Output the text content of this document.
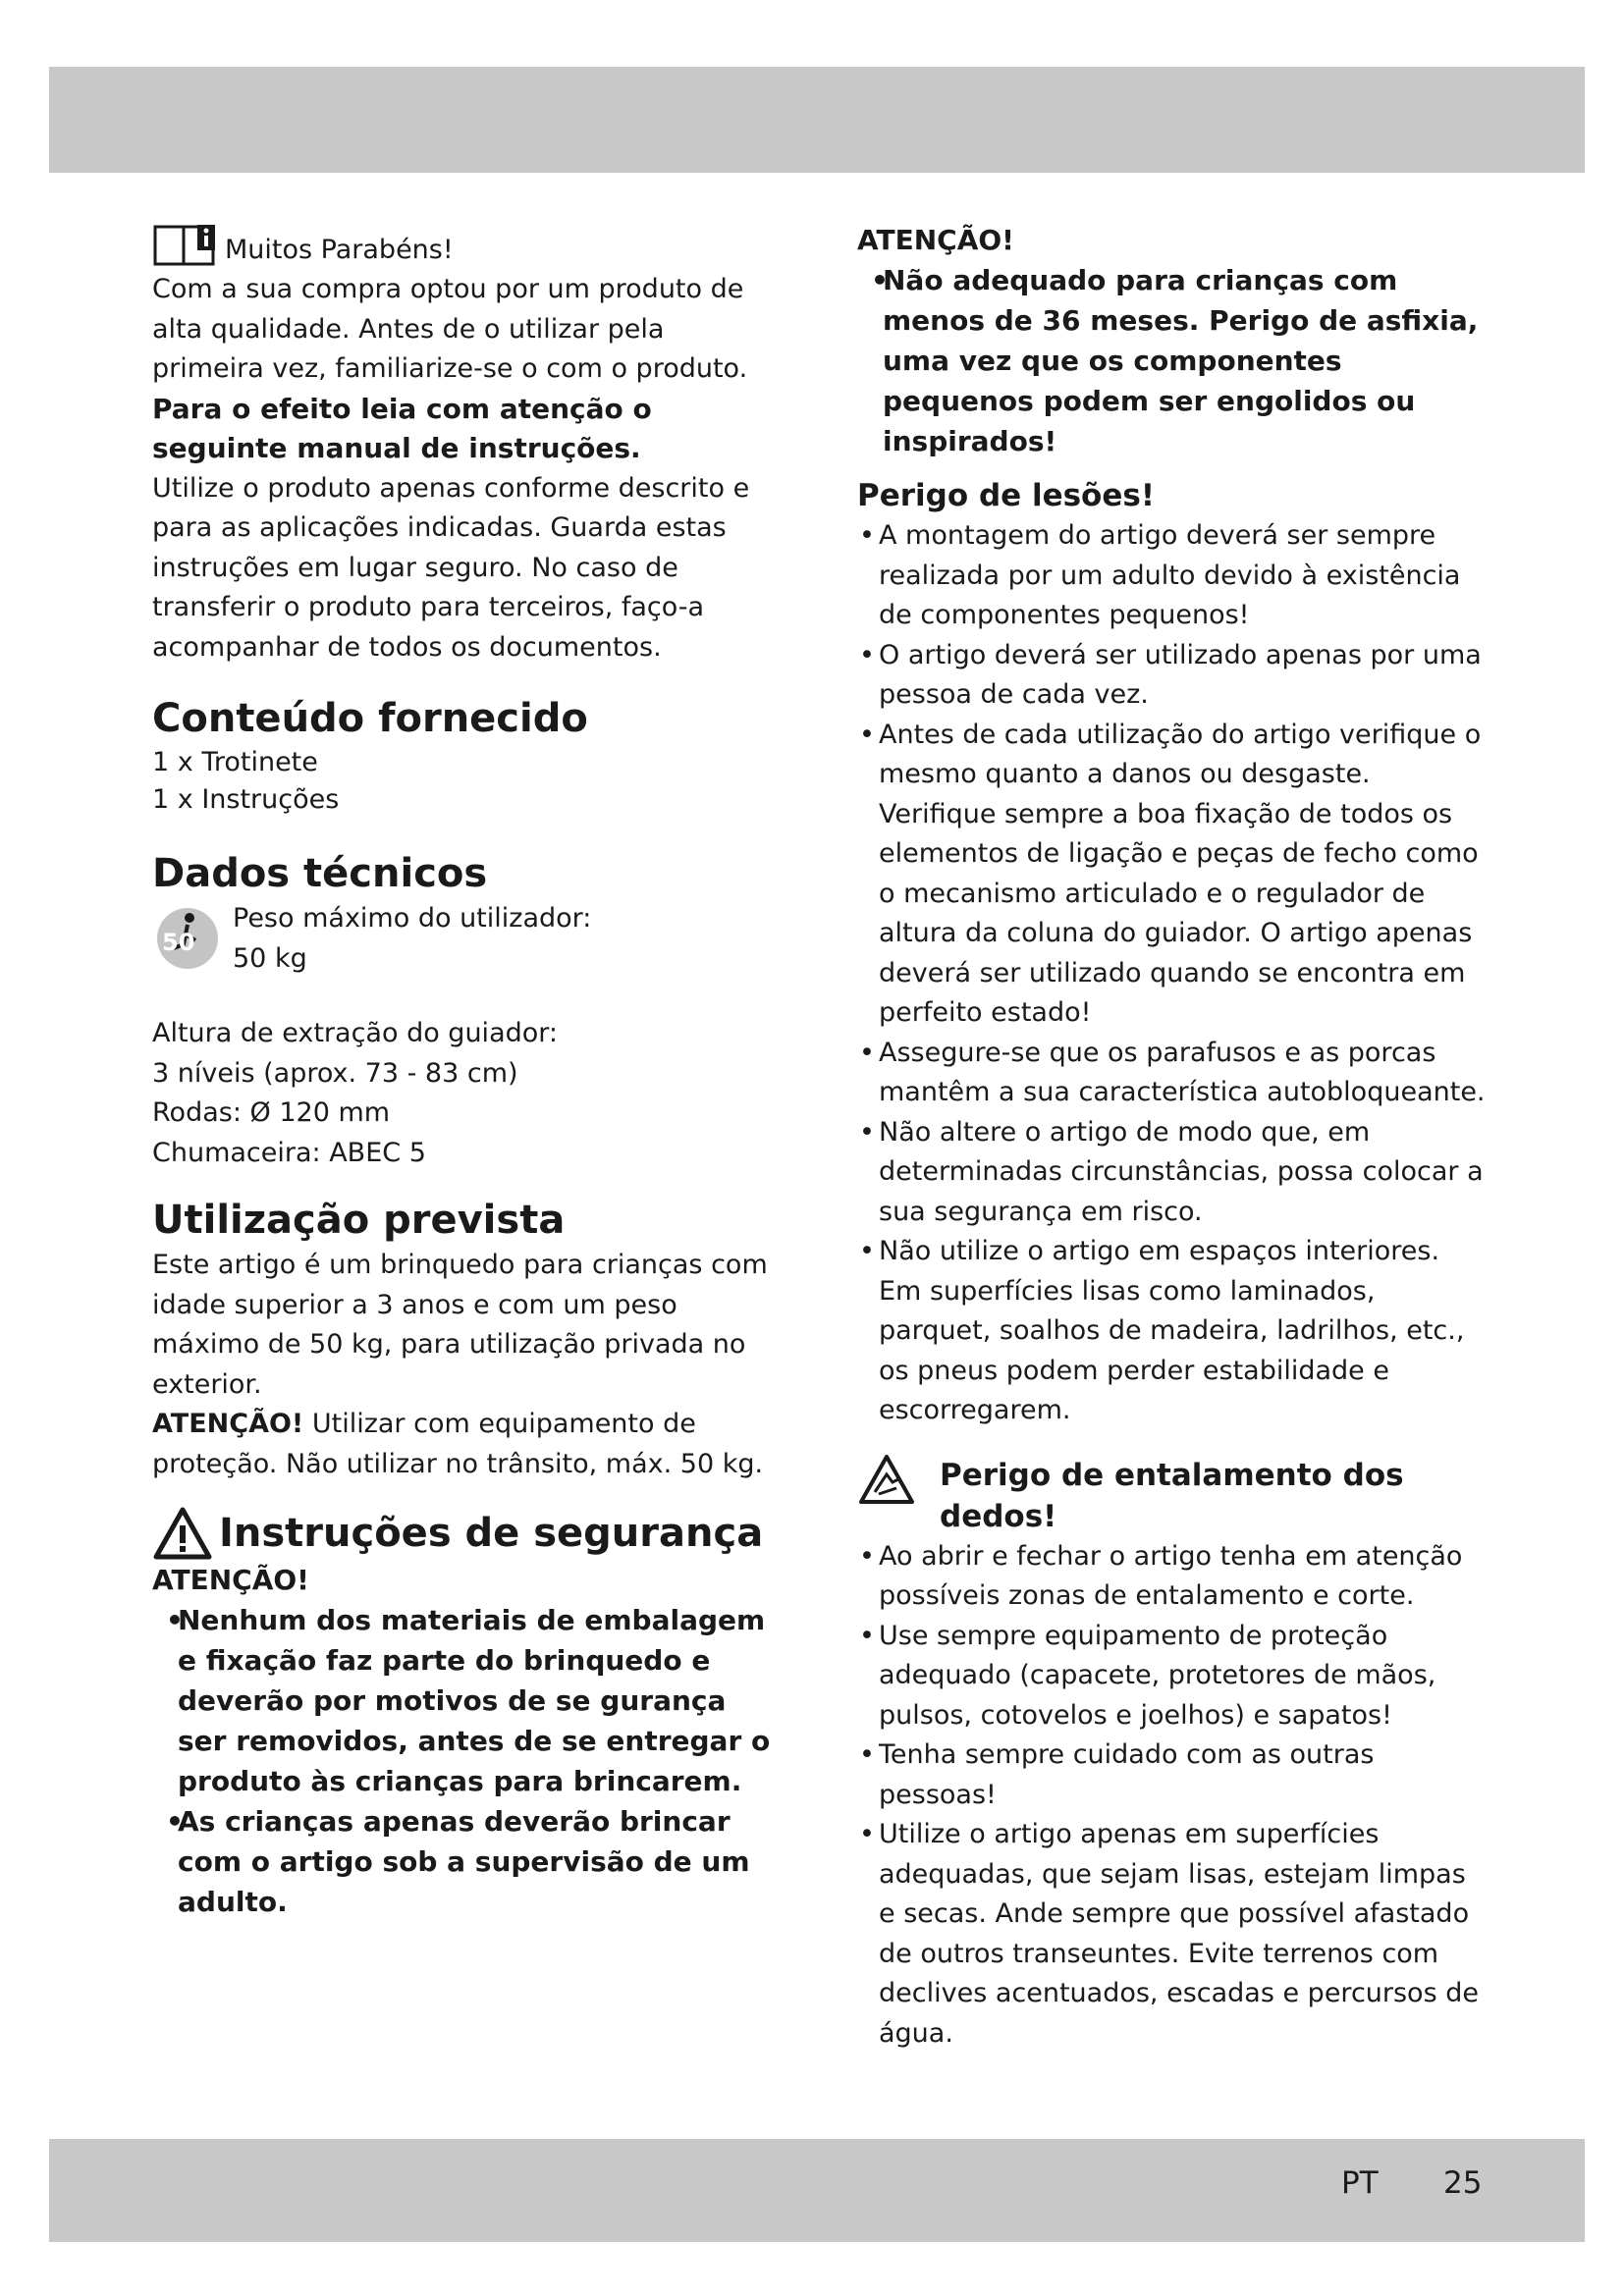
Muitos Parabéns!

Com a sua compra optou por um produto de alta qualidade. Antes de o utilizar pela primeira vez, familiarize-se o com o produto.

Para o efeito leia com atenção o seguinte manual de instruções.

Utilize o produto apenas conforme descrito e para as aplicações indicadas. Guarda estas instruções em lugar seguro. No caso de transferir o produto para terceiros, faço-a acompanhar de todos os documentos.

Conteúdo fornecido

1 x Trotinete

1 x Instruções

Dados técnicos
50

Peso máximo do utilizador:

50 kg

Altura de extração do guiador:

3 níveis (aprox. 73 - 83 cm)

Rodas: Ø 120 mm

Chumaceira: ABEC 5

Utilização prevista

Este artigo é um brinquedo para crianças com idade superior a 3 anos e com um peso máximo de 50 kg, para utilização privada no exterior.

ATENÇÃO! Utilizar com equipamento de proteção. Não utilizar no trânsito, máx. 50 kg.

Instruções de segurança
ATENÇÃO!
• Nenhum dos materiais de embalagem e fixação faz parte do brinquedo e deverão por motivos de se gurança ser removidos, antes de se entregar o produto às crianças para brincarem.
• As crianças apenas deverão brincar com o artigo sob a supervisão de um adulto.
ATENÇÃO!
• Não adequado para crianças com menos de 36 meses. Perigo de asfixia, uma vez que os componentes pequenos podem ser engolidos ou inspirados!
Perigo de lesões!
• A montagem do artigo deverá ser sempre realizada por um adulto devido à existência de componentes pequenos!
• O artigo deverá ser utilizado apenas por uma pessoa de cada vez.
• Antes de cada utilização do artigo verifique o mesmo quanto a danos ou desgaste. Verifique sempre a boa fixação de todos os elementos de ligação e peças de fecho como o mecanismo articulado e o regulador de altura da coluna do guiador. O artigo apenas deverá ser utilizado quando se encontra em perfeito estado!
• Assegure-se que os parafusos e as porcas mantêm a sua característica autobloqueante.
• Não altere o artigo de modo que, em determinadas circunstâncias, possa colocar a sua segurança em risco.
• Não utilize o artigo em espaços interiores. Em superfícies lisas como laminados, parquet, soalhos de madeira, ladrilhos, etc., os pneus podem perder estabilidade e escorregarem.
Perigo de entalamento dos dedos!
• Ao abrir e fechar o artigo tenha em atenção possíveis zonas de entalamento e corte.
• Use sempre equipamento de proteção adequado (capacete, protetores de mãos, pulsos, cotovelos e joelhos) e sapatos!
• Tenha sempre cuidado com as outras pessoas!
• Utilize o artigo apenas em superfícies adequadas, que sejam lisas, estejam limpas e secas. Ande sempre que possível afastado de outros transeuntes. Evite terrenos com declives acentuados, escadas e percursos de água.
PT 25
